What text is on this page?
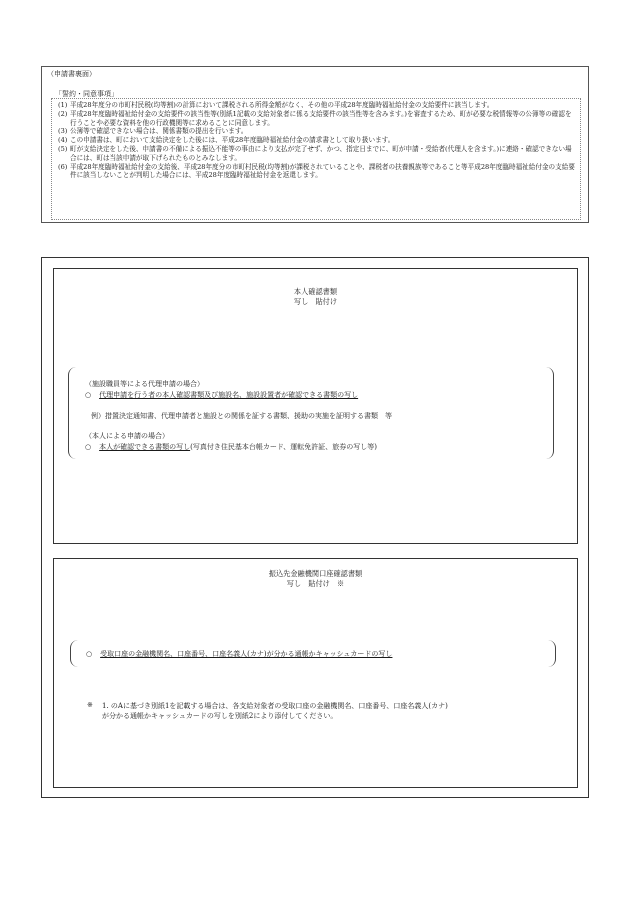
（申請書裏面）
「誓約・同意事項」
(1) 平成28年度分の市町村民税(均等割)の計算において課税される所得金額がなく、その他の平成28年度臨時福祉給付金の支給要件に該当します。
(2) 平成28年度臨時福祉給付金の支給要件の該当性等(別紙1記載の支給対象者に係る支給要件の該当性等を含みます。)を審査するため、町が必要な税情報等の公簿等の確認を行うことや必要な資料を他の行政機関等に求めることに同意します。
(3) 公簿等で確認できない場合は、関係書類の提出を行います。
(4) この申請書は、町において支給決定をした後には、平成28年度臨時福祉給付金の請求書として取り扱います。
(5) 町が支給決定をした後、申請書の不備による振込不能等の事由により支払が完了せず、かつ、指定日までに、町が申請・受給者(代理人を含ます。)に連絡・確認できない場合には、町は当該申請が取下げられたものとみなします。
(6) 平成28年度臨時福祉給付金の支給後、平成28年度分の市町村民税(均等割)が課税されていることや、課税者の扶養親族等であること等平成28年度臨時福祉給付金の支給要件に該当しないことが判明した場合には、平成28年度臨時福祉給付金を返還します。
本人確認書類
写し　貼付け
（施設職員等による代理申請の場合）
○ 代理申請を行う者の本人確認書類及び施設名、施設設置者が確認できる書類の写し
例）措置決定通知書、代理申請者と施設との関係を証する書類、援助の実施を証明する書類　等
（本人による申請の場合）
○ 本人が確認できる書類の写し(写真付き住民基本台帳カード、運転免許証、旅券の写し等)
振込先金融機関口座確認書類
写し　貼付け　※
○ 受取口座の金融機関名、口座番号、口座名義人(カナ)が分かる通帳かキャッシュカードの写し
※ 1. のAに基づき別紙1を記載する場合は、各支給対象者の受取口座の金融機関名、口座番号、口座名義人(カナ)
が分かる通帳かキャッシュカードの写しを別紙2により添付してください。
